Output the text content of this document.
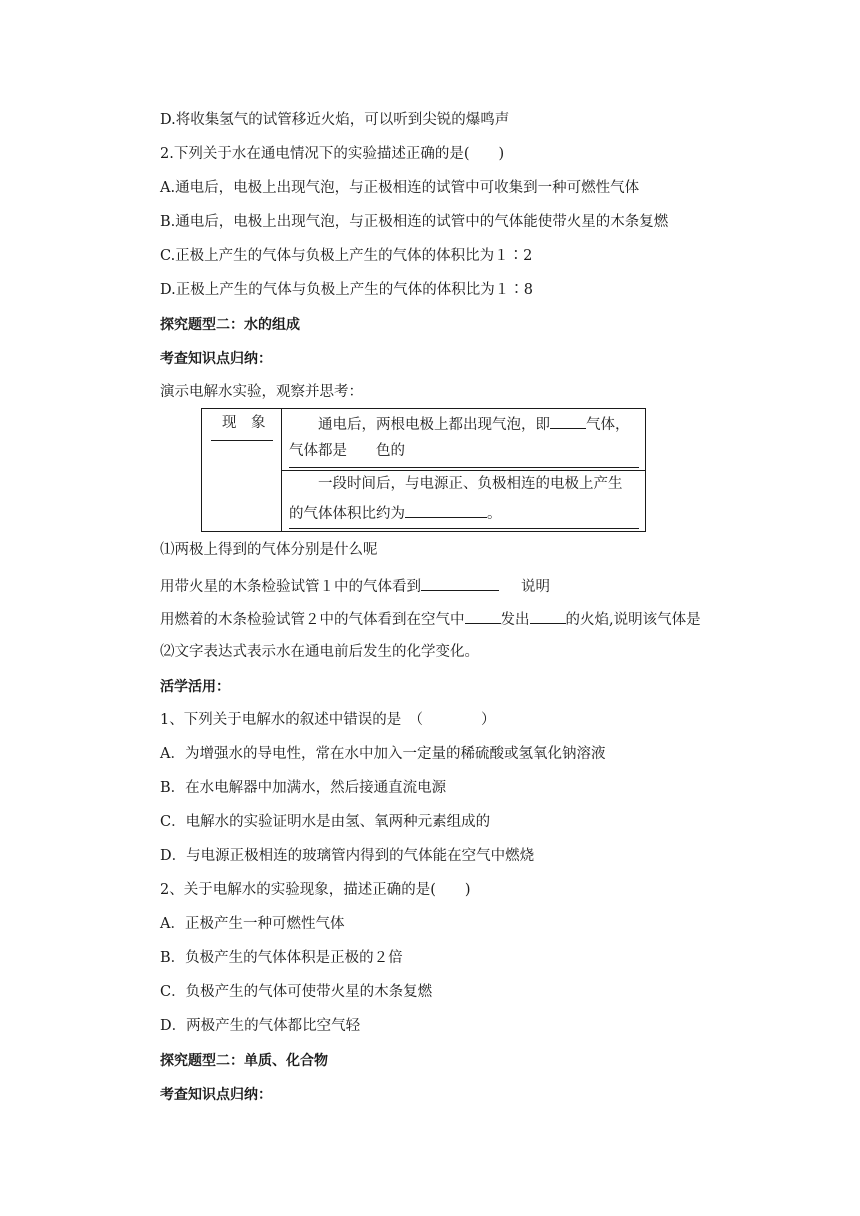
D.将收集氢气的试管移近火焰，可以听到尖锐的爆鸣声
2.下列关于水在通电情况下的实验描述正确的是(　　)
A.通电后，电极上出现气泡，与正极相连的试管中可收集到一种可燃性气体
B.通电后，电极上出现气泡，与正极相连的试管中的气体能使带火星的木条复燃
C.正极上产生的气体与负极上产生的气体的体积比为１∶2
D.正极上产生的气体与负极上产生的气体的体积比为１∶8
探究题型二：水的组成
考查知识点归纳：
演示电解水实验，观察并思考：
现　象	通电后，两根电极上都出现气泡，即 气体，
气体都是　　色的
一段时间后，与电源正、负极相连的电极上产生
的气体体积比约为	。
⑴两极上得到的气体分别是什么呢
用带火星的木条检验试管１中的气体看到	说明
用燃着的木条检验试管２中的气体看到在空气中 发出 的火焰,说明该气体是
⑵文字表达式表示水在通电前后发生的化学变化。
活学活用：
1、下列关于电解水的叙述中错误的是　（　　　　）
A．为增强水的导电性，常在水中加入一定量的稀硫酸或氢氧化钠溶液
B．在水电解器中加满水，然后接通直流电源
C．电解水的实验证明水是由氢、氧两种元素组成的
D．与电源正极相连的玻璃管内得到的气体能在空气中燃烧
2、关于电解水的实验现象，描述正确的是(　　)
A．正极产生一种可燃性气体
B．负极产生的气体体积是正极的２倍
C．负极产生的气体可使带火星的木条复燃
D．两极产生的气体都比空气轻
探究题型二：单质、化合物
考查知识点归纳：
